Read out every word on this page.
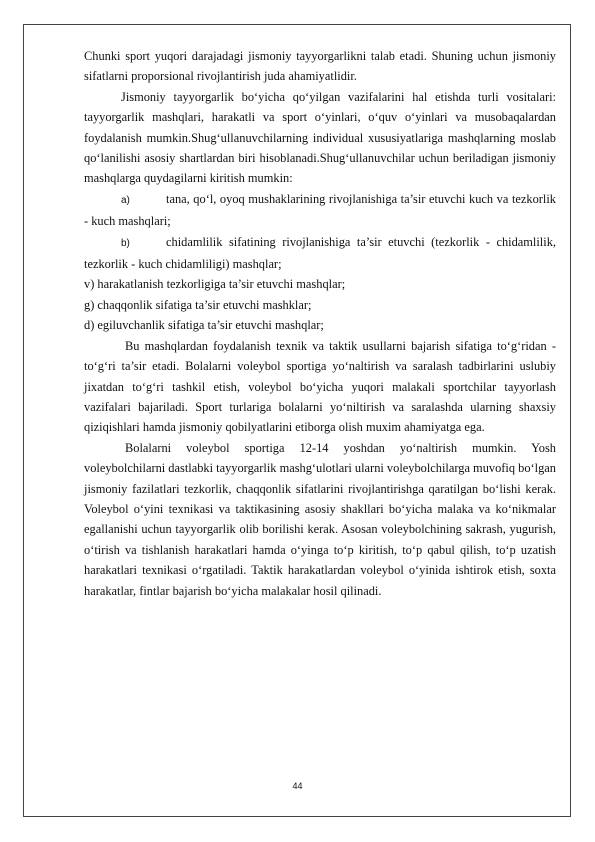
Chunki sport yuqori darajadagi jismoniy tayyorgarlikni talab etadi. Shuning uchun jismoniy sifatlarni proporsional rivojlantirish juda ahamiyatlidir.

Jismoniy tayyorgarlik bo‘yicha qo‘yilgan vazifalarini hal etishda turli vositalari: tayyorgarlik mashqlari, harakatli va sport o‘yinlari, o‘quv o‘yinlari va musobaqalardan foydalanish mumkin.Shug‘ullanuvchilarning individual xususiyatlariga mashqlarning moslab qo‘lanilishi asosiy shartlardan biri hisoblanadi.Shug‘ullanuvchilar uchun beriladigan jismoniy mashqlarga quydagilarni kiritish mumkin:

a)	tana, qo‘l, oyoq mushaklarining rivojlanishiga ta’sir etuvchi kuch va tezkorlik - kuch mashqlari;

b)	chidamlilik sifatining rivojlanishiga ta’sir etuvchi (tezkorlik - chidamlilik, tezkorlik - kuch chidamliligi) mashqlar;

v) harakatlanish tezkorligiga ta’sir etuvchi mashqlar;

g) chaqqonlik sifatiga ta’sir etuvchi mashklar;

d) egiluvchanlik sifatiga ta’sir etuvchi mashqlar;

Bu mashqlardan foydalanish texnik va taktik usullarni bajarish sifatiga to‘g‘ridan - to‘g‘ri ta’sir etadi. Bolalarni voleybol sportiga yo‘naltirish va saralash tadbirlarini uslubiy jixatdan to‘g‘ri tashkil etish, voleybol bo‘yicha yuqori malakali sportchilar tayyorlash vazifalari bajariladi. Sport turlariga bolalarni yo‘niltirish va saralashda ularning shaxsiy qiziqishlari hamda jismoniy qobilyatlarini etiborga olish muxim ahamiyatga ega.

Bolalarni voleybol sportiga 12-14 yoshdan yo‘naltirish mumkin. Yosh voleybolchilarni dastlabki tayyorgarlik mashg‘ulotlari ularni voleybolchilarga muvofiq bo‘lgan jismoniy fazilatlari tezkorlik, chaqqonlik sifatlarini rivojlantirishga qaratilgan bo‘lishi kerak. Voleybol o‘yini texnikasi va taktikasining asosiy shakllari bo‘yicha malaka va ko‘nikmalar egallanishi uchun tayyorgarlik olib borilishi kerak. Asosan voleybolchining sakrash, yugurish, o‘tirish va tishlanish harakatlari hamda o‘yinga to‘p kiritish, to‘p qabul qilish, to‘p uzatish harakatlari texnikasi o‘rgatiladi. Taktik harakatlardan voleybol o‘yinida ishtirok etish, soxta harakatlar, fintlar bajarish bo‘yicha malakalar hosil qilinadi.

44
